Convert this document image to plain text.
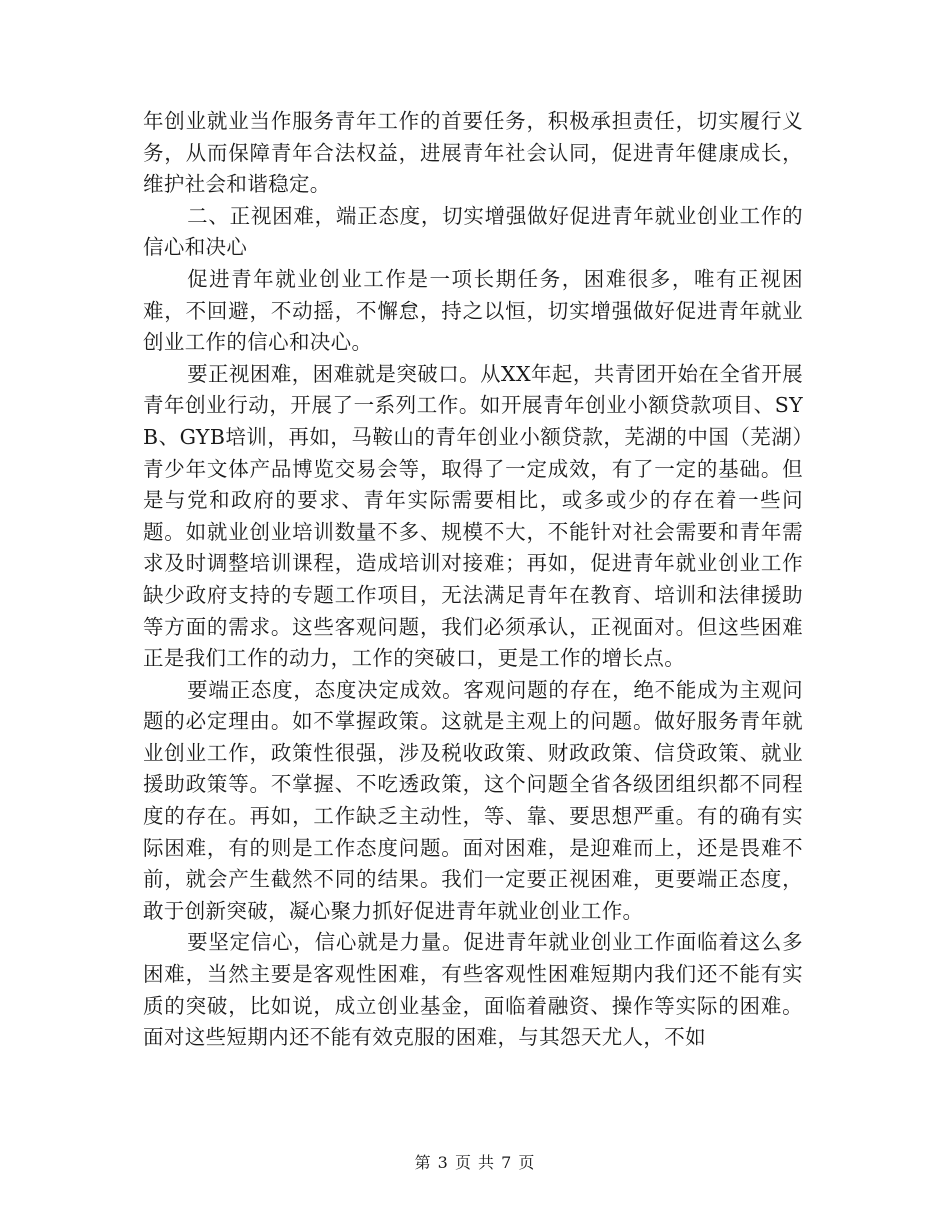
年创业就业当作服务青年工作的首要任务，积极承担责任，切实履行义务，从而保障青年合法权益，进展青年社会认同，促进青年健康成长，维护社会和谐稳定。

二、正视困难，端正态度，切实增强做好促进青年就业创业工作的信心和决心

促进青年就业创业工作是一项长期任务，困难很多，唯有正视困难，不回避，不动摇，不懈怠，持之以恒，切实增强做好促进青年就业创业工作的信心和决心。

要正视困难，困难就是突破口。从XX年起，共青团开始在全省开展青年创业行动，开展了一系列工作。如开展青年创业小额贷款项目、SYB、GYB培训，再如，马鞍山的青年创业小额贷款，芜湖的中国（芜湖）青少年文体产品博览交易会等，取得了一定成效，有了一定的基础。但是与党和政府的要求、青年实际需要相比，或多或少的存在着一些问题。如就业创业培训数量不多、规模不大，不能针对社会需要和青年需求及时调整培训课程，造成培训对接难；再如，促进青年就业创业工作缺少政府支持的专题工作项目，无法满足青年在教育、培训和法律援助等方面的需求。这些客观问题，我们必须承认，正视面对。但这些困难正是我们工作的动力，工作的突破口，更是工作的增长点。

要端正态度，态度决定成效。客观问题的存在，绝不能成为主观问题的必定理由。如不掌握政策。这就是主观上的问题。做好服务青年就业创业工作，政策性很强，涉及税收政策、财政政策、信贷政策、就业援助政策等。不掌握、不吃透政策，这个问题全省各级团组织都不同程度的存在。再如，工作缺乏主动性，等、靠、要思想严重。有的确有实际困难，有的则是工作态度问题。面对困难，是迎难而上，还是畏难不前，就会产生截然不同的结果。我们一定要正视困难，更要端正态度，敢于创新突破，凝心聚力抓好促进青年就业创业工作。

要坚定信心，信心就是力量。促进青年就业创业工作面临着这么多困难，当然主要是客观性困难，有些客观性困难短期内我们还不能有实质的突破，比如说，成立创业基金，面临着融资、操作等实际的困难。面对这些短期内还不能有效克服的困难，与其怨天尤人，不如

第 3 页 共 7 页
